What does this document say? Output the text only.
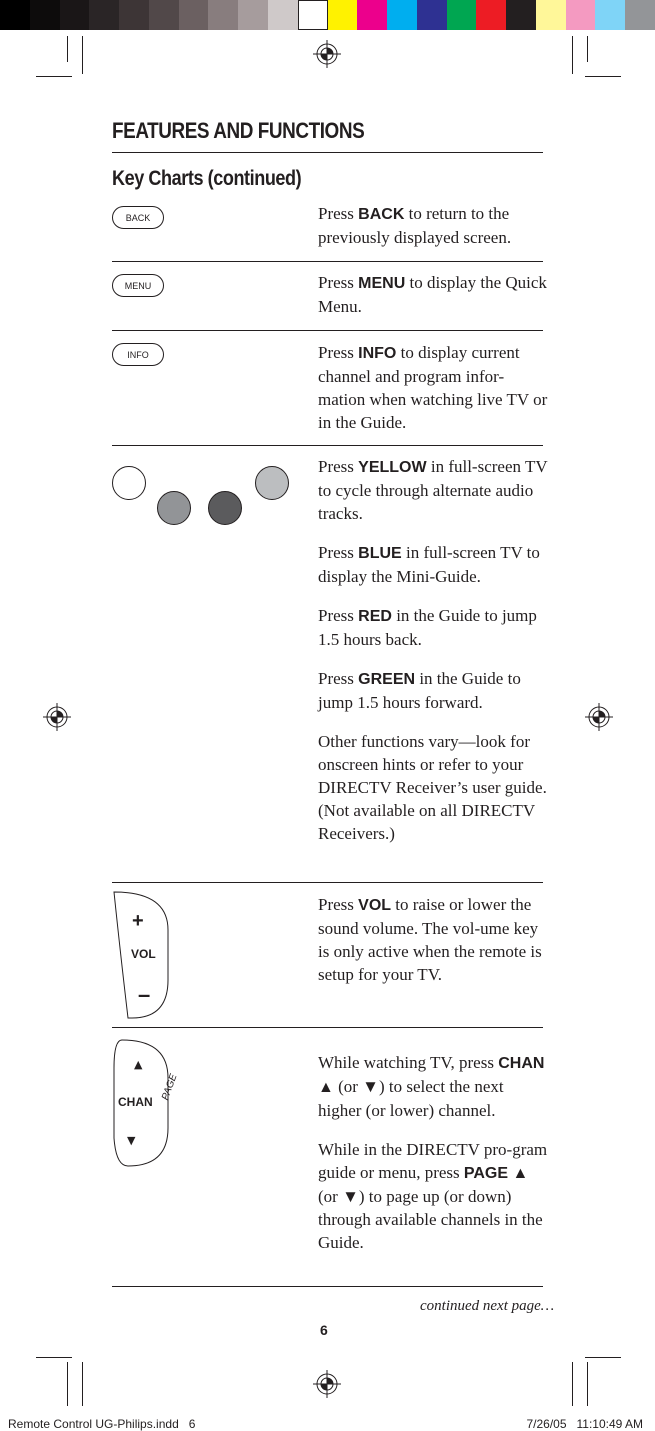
FEATURES AND FUNCTIONS
Key Charts (continued)
BACK	Press BACK to return to the previously displayed screen.

MENU	Press MENU to display the Quick Menu.

INFO	Press INFO to display current channel and program infor-mation when watching live TV or in the Guide.

Press YELLOW in full-screen TV to cycle through alternate audio tracks.

Press BLUE in full-screen TV to display the Mini-Guide.

Press RED in the Guide to jump 1.5 hours back.

Press GREEN in the Guide to jump 1.5 hours forward.

Other functions vary—look for onscreen hints or refer to your DIRECTV Receiver’s user guide. (Not available on all DIRECTV Receivers.)

+
VOL
–

Press VOL to raise or lower the sound volume. The vol-ume key is only active when the remote is setup for your TV.

▲
CHAN
PAGE
▼

While watching TV, press CHAN ▲ (or ▼) to select the next higher (or lower) channel.

While in the DIRECTV pro-gram guide or menu, press PAGE ▲ (or ▼) to page up (or down) through available channels in the Guide.

continued next page…
6
Remote Control UG-Philips.indd   6	7/26/05   11:10:49 AM
